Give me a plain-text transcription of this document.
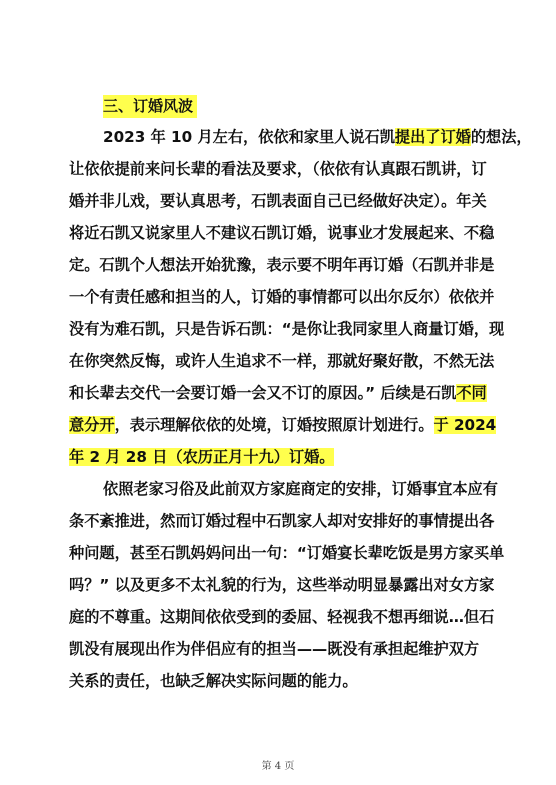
三、订婚风波
2023 年 10 月左右，依依和家里人说石凯提出了订婚的想法，
让依依提前来问长辈的看法及要求，（依依有认真跟石凯讲，订
婚并非儿戏，要认真思考，石凯表面自己已经做好决定）。年关
将近石凯又说家里人不建议石凯订婚，说事业才发展起来、不稳
定。石凯个人想法开始犹豫，表示要不明年再订婚（石凯并非是
一个有责任感和担当的人，订婚的事情都可以出尔反尔）依依并
没有为难石凯，只是告诉石凯：“是你让我同家里人商量订婚，现
在你突然反悔，或许人生追求不一样，那就好聚好散，不然无法
和长辈去交代一会要订婚一会又不订的原因。” 后续是石凯不同
意分开，表示理解依依的处境，订婚按照原计划进行。于 2024
年 2 月 28 日（农历正月十九）订婚。
依照老家习俗及此前双方家庭商定的安排，订婚事宜本应有
条不紊推进，然而订婚过程中石凯家人却对安排好的事情提出各
种问题，甚至石凯妈妈问出一句：“订婚宴长辈吃饭是男方家买单
吗？” 以及更多不太礼貌的行为，这些举动明显暴露出对女方家
庭的不尊重。这期间依依受到的委屈、轻视我不想再细说…但石
凯没有展现出作为伴侣应有的担当——既没有承担起维护双方
关系的责任，也缺乏解决实际问题的能力。
第 4 页
